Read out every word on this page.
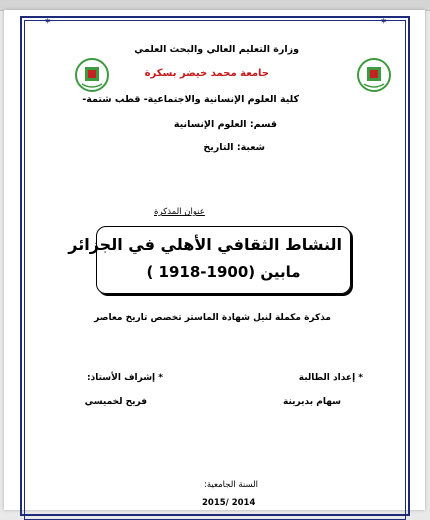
✶	✶
وزارة التعليم العالي والبحث العلمي
جامعة محمد خيضر بسكرة
كلية العلوم الإنسانية والاجتماعية- قطب شتمة-
قسم: العلوم الإنسانية
شعبة: التاريخ
عنوان المذكرة
النشاط الثقافي الأهلي في الجزائر
مابين (1900-1918 )
مذكرة مكملة لنيل شهادة الماستر تخصص تاريخ معاصر
* إعداد الطالبة
* إشراف الأستاذ:
سهام بديرينة
فريح لخميسي
السنة الجامعية:
2015/ 2014
